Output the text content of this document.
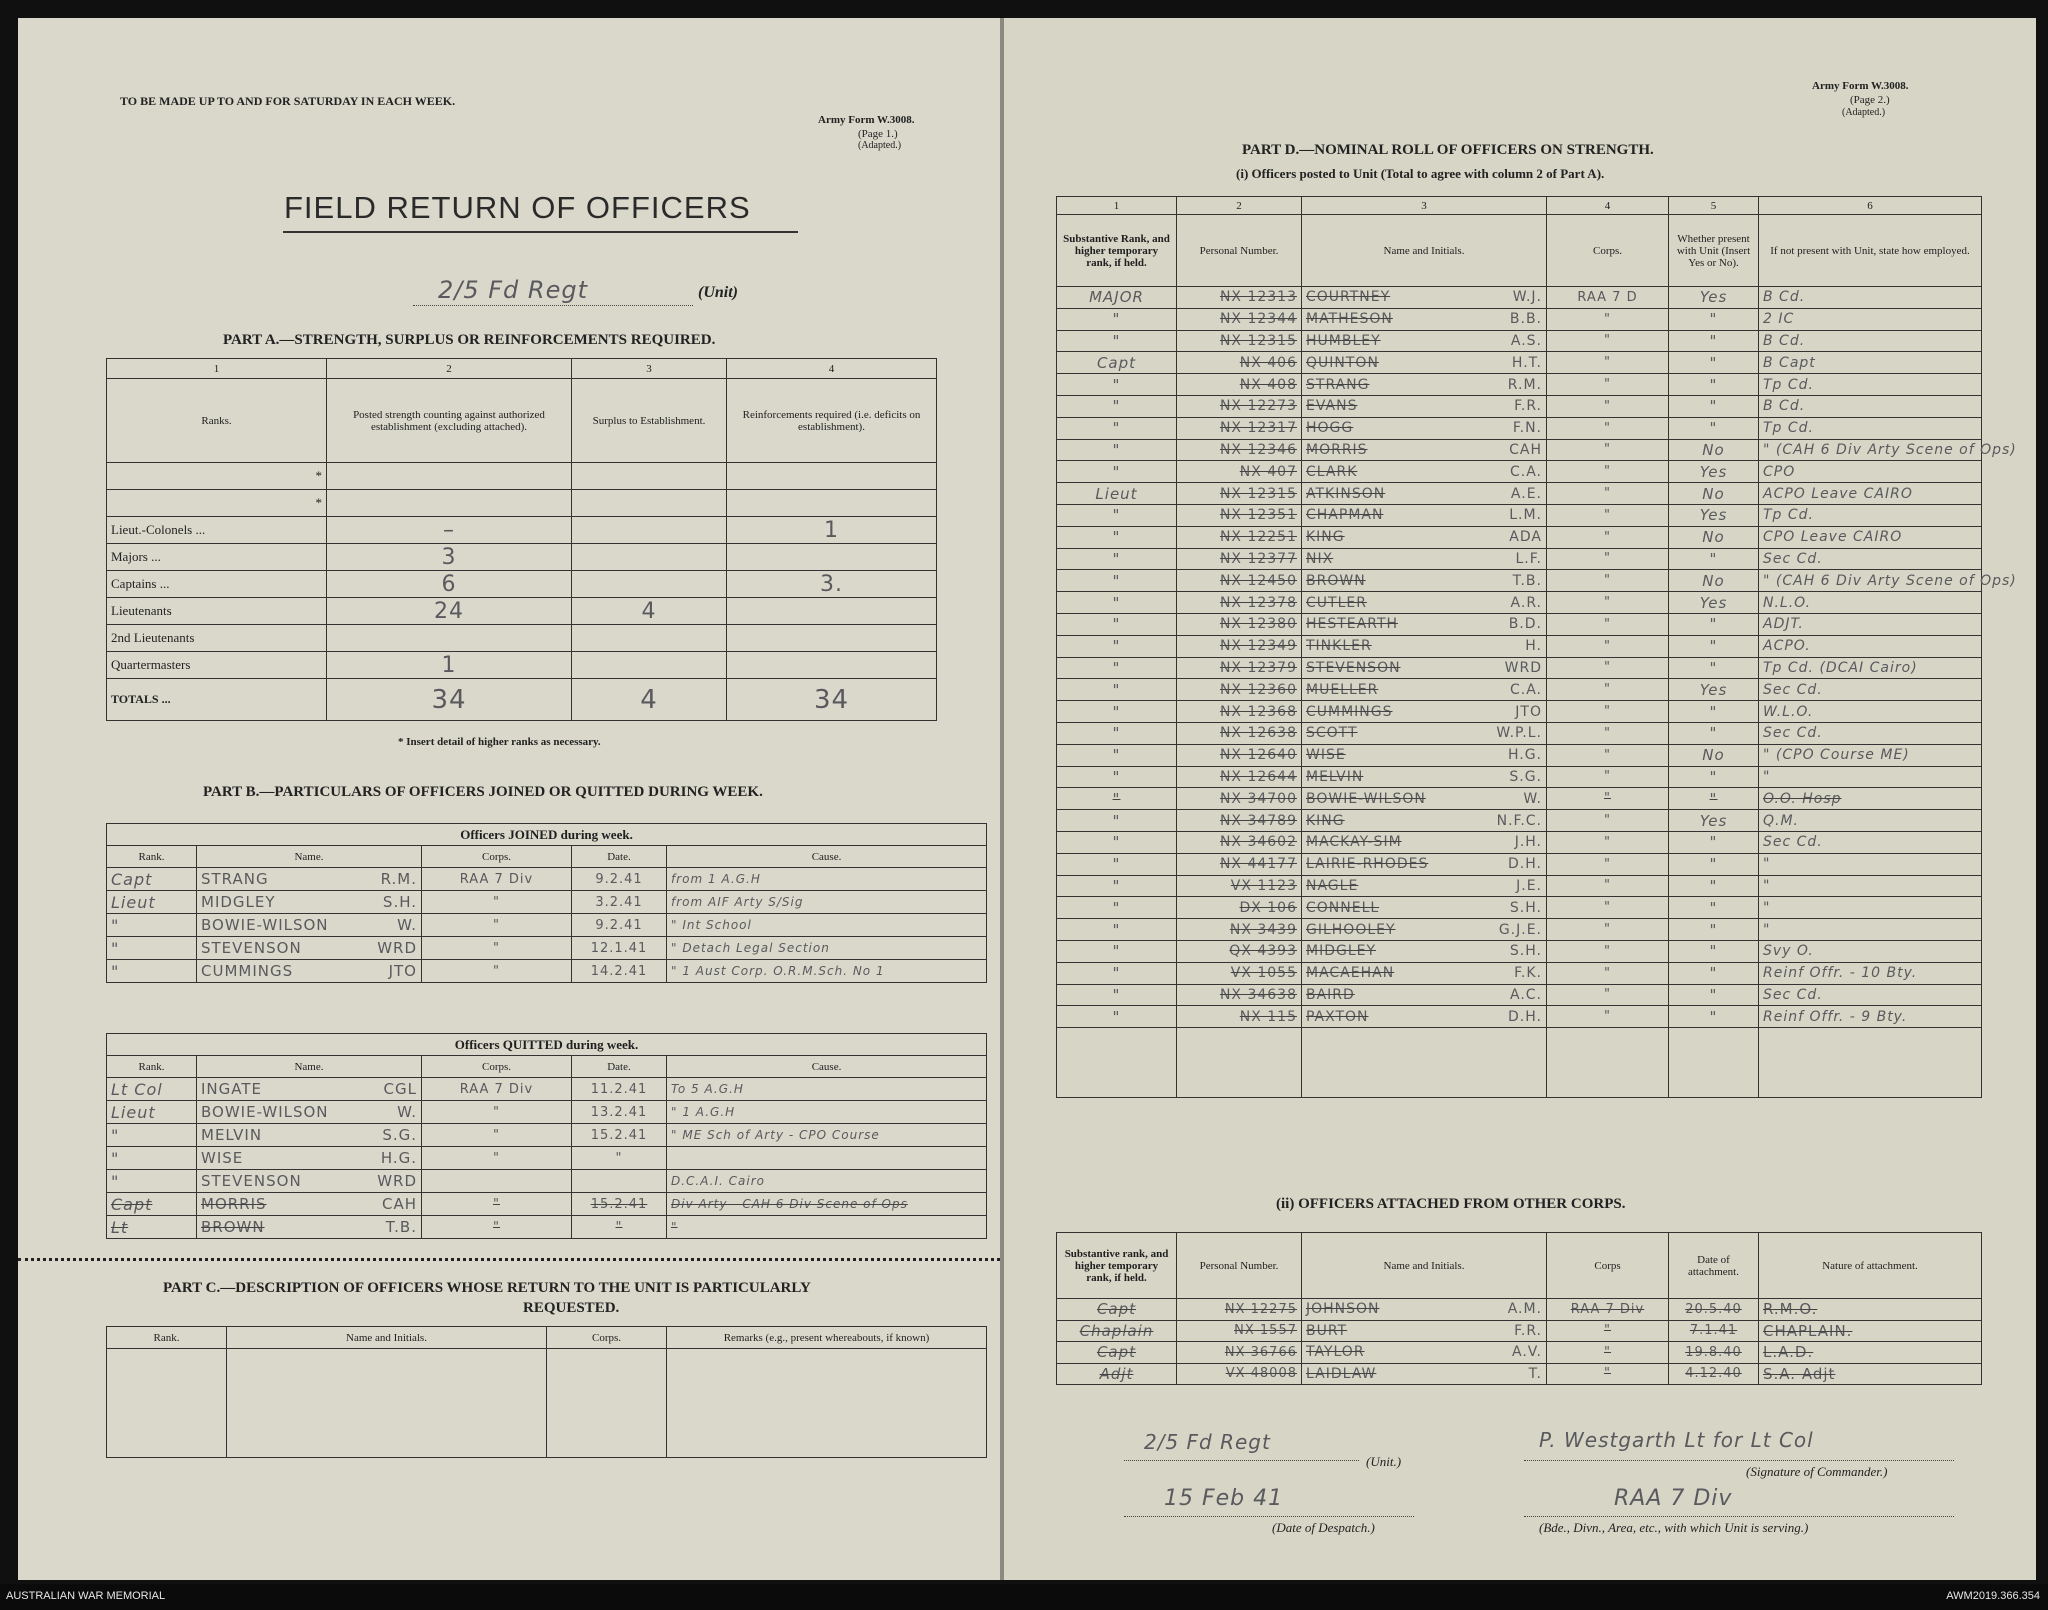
TO BE MADE UP TO AND FOR SATURDAY IN EACH WEEK.
Army Form W.3008.
(Page 1.)
(Adapted.)
FIELD RETURN OF OFFICERS
2/5 Fd Regt	(Unit)
PART A.—STRENGTH, SURPLUS OR REINFORCEMENTS REQUIRED.
1	2	3	4
Ranks.	Posted strength counting against authorized establishment (excluding attached).	Surplus to Establishment.	Reinforcements required (i.e. deficits on establishment).
*			
*			
Lieut.-Colonels ...	–		1
Majors ...	3		
Captains ...	6		3.
Lieutenants	24	4	
2nd Lieutenants			
Quartermasters	1		
TOTALS ...	34	4	34
* Insert detail of higher ranks as necessary.
PART B.—PARTICULARS OF OFFICERS JOINED OR QUITTED DURING WEEK.
Officers JOINED during week.				
Rank.	Name.	Corps.	Date.	Cause.
Capt	STRANG R.M.	RAA 7 Div	9.2.41	from 1 A.G.H
Lieut	MIDGLEY S.H.	"	3.2.41	from AIF Arty S/Sig
"	BOWIE-WILSON W.	"	9.2.41	" Int School
"	STEVENSON WRD	"	12.1.41	" Detach Legal Section
"	CUMMINGS JTO	"	14.2.41	" 1 Aust Corp. O.R.M.Sch. No 1
Officers QUITTED during week.				
Rank.	Name.	Corps.	Date.	Cause.
Lt Col	INGATE CGL	RAA 7 Div	11.2.41	To 5 A.G.H
Lieut	BOWIE-WILSON W.	"	13.2.41	" 1 A.G.H
"	MELVIN S.G.	"	15.2.41	" ME Sch of Arty - CPO Course
"	WISE H.G.	"	"	
"	STEVENSON WRD			D.C.A.I. Cairo
Capt	MORRIS CAH	"	15.2.41	Div Arty - CAH 6 Div Scene of Ops
Lt	BROWN T.B.	"	"	"
PART C.—DESCRIPTION OF OFFICERS WHOSE RETURN TO THE UNIT IS PARTICULARLY
REQUESTED.
Rank.	Name and Initials.	Corps.	Remarks (e.g., present whereabouts, if known)

Army Form W.3008.
(Page 2.)
(Adapted.)
PART D.—NOMINAL ROLL OF OFFICERS ON STRENGTH.
(i) Officers posted to Unit (Total to agree with column 2 of Part A).
1	2	3	4	5	6
Substantive Rank, and higher temporary rank, if held.	Personal Number.	Name and Initials.	Corps.	Whether present with Unit (Insert Yes or No).	If not present with Unit, state how employed.
MAJOR	NX 12313	COURTNEY W.J.	RAA 7 D	Yes	B Cd.
"	NX 12344	MATHESON B.B.	"	"	2 IC
"	NX 12315	HUMBLEY A.S.	"	"	B Cd.
Capt	NX 406	QUINTON H.T.	"	"	B Capt
"	NX 408	STRANG R.M.	"	"	Tp Cd.
"	NX 12273	EVANS F.R.	"	"	B Cd.
"	NX 12317	HOGG F.N.	"	"	Tp Cd.
"	NX 12346	MORRIS CAH	"	No	" (CAH 6 Div Arty Scene of Ops)
"	NX 407	CLARK C.A.	"	Yes	CPO
Lieut	NX 12315	ATKINSON A.E.	"	No	ACPO Leave CAIRO
"	NX 12351	CHAPMAN L.M.	"	Yes	Tp Cd.
"	NX 12251	KING ADA	"	No	CPO Leave CAIRO
"	NX 12377	NIX L.F.	"	"	Sec Cd.
"	NX 12450	BROWN T.B.	"	No	" (CAH 6 Div Arty Scene of Ops)
"	NX 12378	CUTLER A.R.	"	Yes	N.L.O.
"	NX 12380	HESTEARTH B.D.	"	"	ADJT.
"	NX 12349	TINKLER H.	"	"	ACPO.
"	NX 12379	STEVENSON WRD	"	"	Tp Cd. (DCAI Cairo)
"	NX 12360	MUELLER C.A.	"	Yes	Sec Cd.
"	NX 12368	CUMMINGS JTO	"	"	W.L.O.
"	NX 12638	SCOTT W.P.L.	"	"	Sec Cd.
"	NX 12640	WISE H.G.	"	No	" (CPO Course ME)
"	NX 12644	MELVIN S.G.	"	"	"
"	NX 34700	BOWIE-WILSON W.	"	"	O.O. Hosp
"	NX 34789	KING N.F.C.	"	Yes	Q.M.
"	NX 34602	MACKAY-SIM J.H.	"	"	Sec Cd.
"	NX 44177	LAIRIE-RHODES D.H.	"	"	"
"	VX 1123	NAGLE J.E.	"	"	"
"	DX 106	CONNELL S.H.	"	"	"
"	NX 3439	GILHOOLEY G.J.E.	"	"	"
"	QX 4393	MIDGLEY S.H.	"	"	Svy O.
"	VX 1055	MACAEHAN F.K.	"	"	Reinf Offr. - 10 Bty.
"	NX 34638	BAIRD A.C.	"	"	Sec Cd.
"	NX 115	PAXTON D.H.	"	"	Reinf Offr. - 9 Bty.

(ii) OFFICERS ATTACHED FROM OTHER CORPS.
Substantive rank, and higher temporary rank, if held.	Personal Number.	Name and Initials.	Corps	Date of attachment.	Nature of attachment.
Capt	NX 12275	JOHNSON A.M.	RAA 7 Div	20.5.40	R.M.O.
Chaplain	NX 1557	BURT F.R.	"	7.1.41	CHAPLAIN.
Capt	NX 36766	TAYLOR A.V.	"	19.8.40	L.A.D.
Adjt	VX 48008	LAIDLAW T.	"	4.12.40	S.A. Adjt
2/5 Fd Regt
(Unit.)
P. Westgarth Lt for Lt Col
(Signature of Commander.)
15 Feb 41
(Date of Despatch.)
RAA 7 Div
(Bde., Divn., Area, etc., with which Unit is serving.)
AUSTRALIAN WAR MEMORIAL	AWM2019.366.354
